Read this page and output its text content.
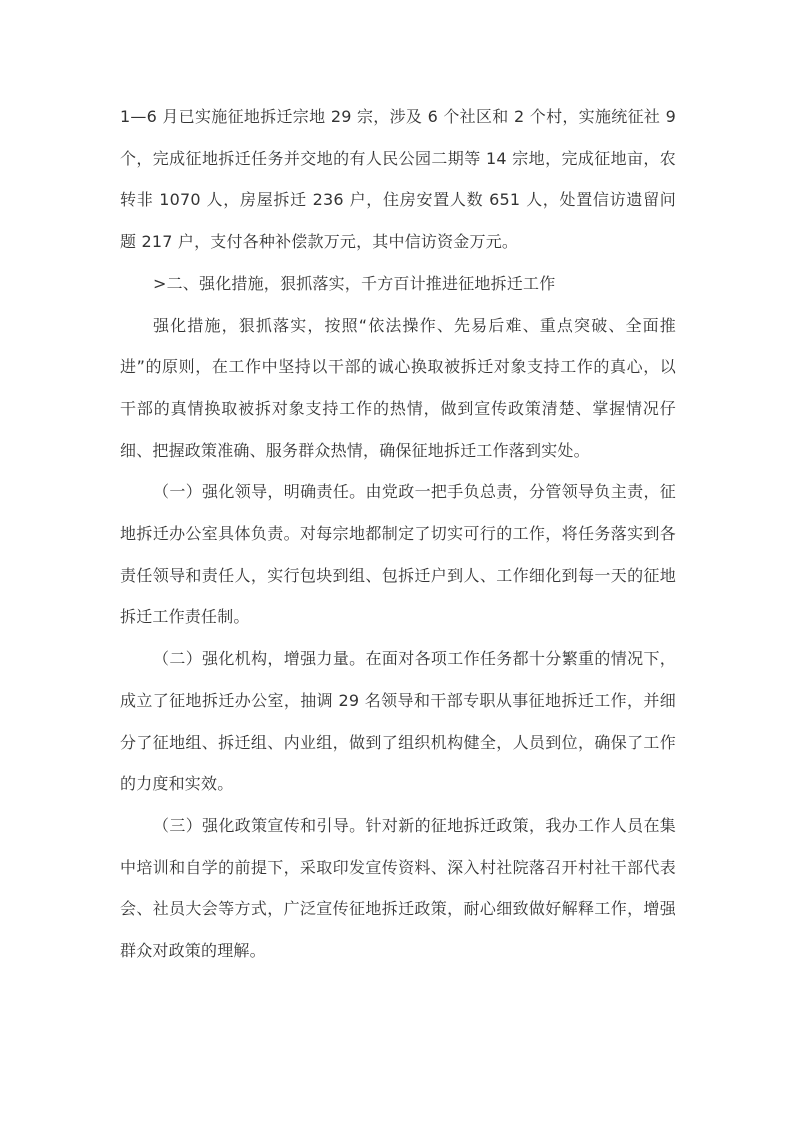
1—6 月已实施征地拆迁宗地 29 宗，涉及 6 个社区和 2 个村，实施统征社 9 个，完成征地拆迁任务并交地的有人民公园二期等 14 宗地，完成征地亩，农转非 1070 人，房屋拆迁 236 户，住房安置人数 651 人，处置信访遗留问题 217 户，支付各种补偿款万元，其中信访资金万元。

>二、强化措施，狠抓落实，千方百计推进征地拆迁工作

强化措施，狠抓落实，按照“依法操作、先易后难、重点突破、全面推进”的原则，在工作中坚持以干部的诚心换取被拆迁对象支持工作的真心，以干部的真情换取被拆对象支持工作的热情，做到宣传政策清楚、掌握情况仔细、把握政策准确、服务群众热情，确保征地拆迁工作落到实处。

（一）强化领导，明确责任。由党政一把手负总责，分管领导负主责，征地拆迁办公室具体负责。对每宗地都制定了切实可行的工作，将任务落实到各责任领导和责任人，实行包块到组、包拆迁户到人、工作细化到每一天的征地拆迁工作责任制。

（二）强化机构，增强力量。在面对各项工作任务都十分繁重的情况下，成立了征地拆迁办公室，抽调 29 名领导和干部专职从事征地拆迁工作，并细分了征地组、拆迁组、内业组，做到了组织机构健全，人员到位，确保了工作的力度和实效。

（三）强化政策宣传和引导。针对新的征地拆迁政策，我办工作人员在集中培训和自学的前提下，采取印发宣传资料、深入村社院落召开村社干部代表会、社员大会等方式，广泛宣传征地拆迁政策，耐心细致做好解释工作，增强群众对政策的理解。
